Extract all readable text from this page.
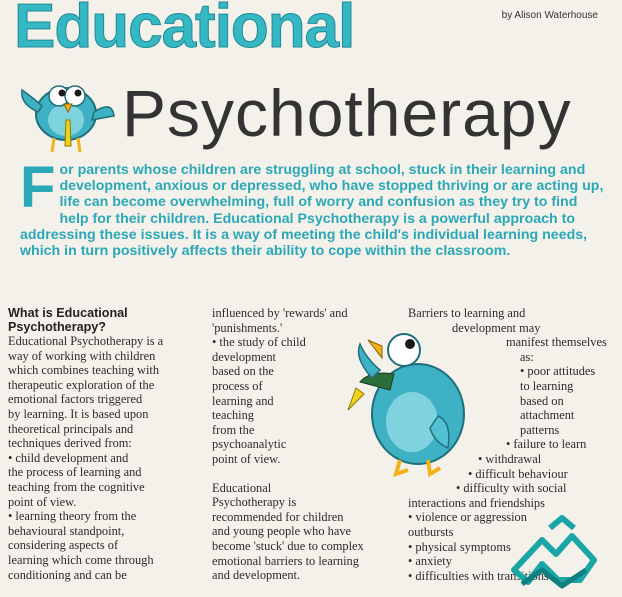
by Alison Waterhouse
Educational
Psychotherapy
For parents whose children are struggling at school, stuck in their learning and development, anxious or depressed, who have stopped thriving or are acting up, life can become overwhelming, full of worry and confusion as they try to find help for their children. Educational Psychotherapy is a powerful approach to addressing these issues. It is a way of meeting the child's individual learning needs, which in turn positively affects their ability to cope within the classroom.
What is Educational
Psychotherapy?

Educational Psychotherapy is a

way of working with children

which combines teaching with

therapeutic exploration of the

emotional factors triggered

by learning. It is based upon

theoretical principals and

techniques derived from:

• child development and

the process of learning and

teaching from the cognitive

point of view.

• learning theory from the

behavioural standpoint,

considering aspects of

learning which come through

conditioning and can be

influenced by 'rewards' and

'punishments.'

• the study of child

development

based on the

process of

learning and

teaching

from the

psychoanalytic

point of view.

Educational

Psychotherapy is

recommended for children

and young people who have

become 'stuck' due to complex

emotional barriers to learning

and development.

Barriers to learning and

development may

manifest themselves

as:

• poor attitudes

to learning

based on

attachment

patterns

• failure to learn

• withdrawal

• difficult behaviour

• difficulty with social

interactions and friendships

• violence or aggression

outbursts

• physical symptoms

• anxiety

• difficulties with transitions
